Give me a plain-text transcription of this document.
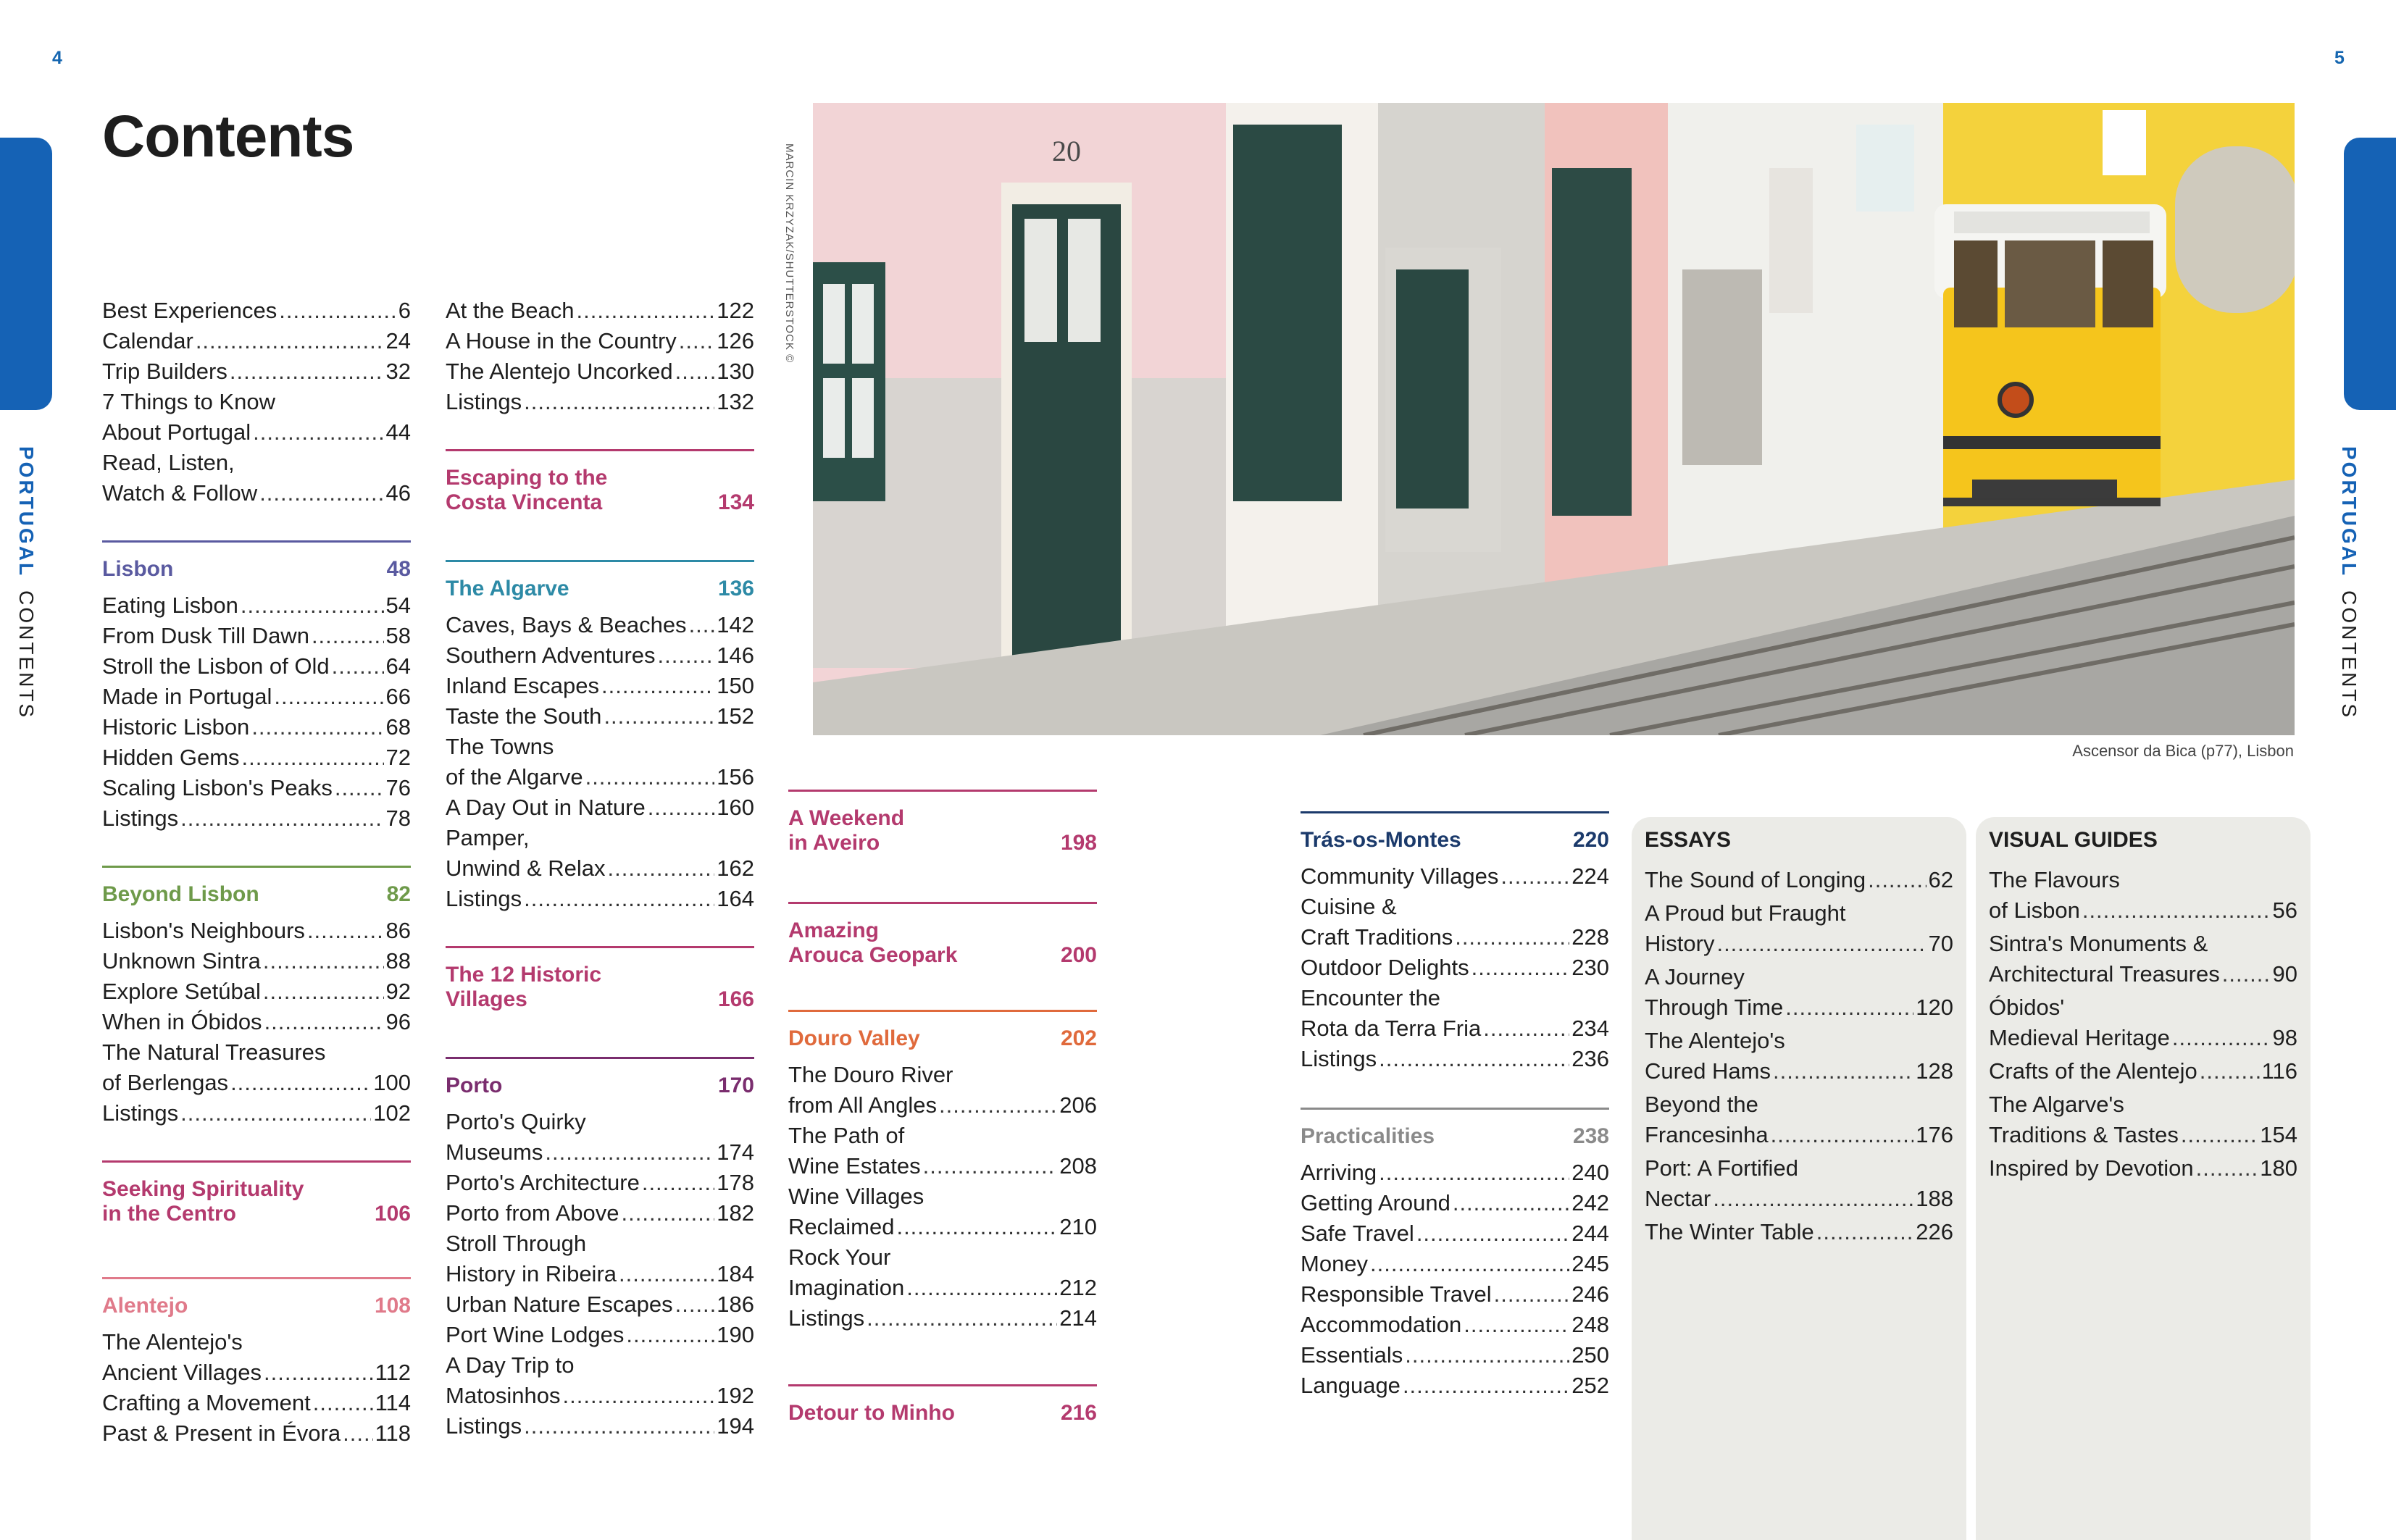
4	5
PORTUGALCONTENTS
PORTUGALCONTENTS
Contents
Best Experiences .....	6
Calendar .....	24
Trip Builders .....	32
7 Things to Know
About Portugal .....	44
Read, Listen,
Watch & Follow .....	46
Lisbon	48
Eating Lisbon .....	54
From Dusk Till Dawn .....	58
Stroll the Lisbon of Old .....	64
Made in Portugal .....	66
Historic Lisbon .....	68
Hidden Gems .....	72
Scaling Lisbon's Peaks ..... 76
Listings .....	78
Beyond Lisbon	82
Lisbon's Neighbours .....	86
Unknown Sintra .....	88
Explore Setúbal .....	92
When in Óbidos .....	96
The Natural Treasures
of Berlengas .....	100
Listings .....	102
Seeking Spirituality
in the Centro	106
Alentejo	108
The Alentejo's
Ancient Villages .....	112
Crafting a Movement .....	114
Past & Present in Évora ..... 118
At the Beach .....	122
A House in the Country ..... 126
The Alentejo Uncorked ..... 130
Listings .....	132
Escaping to the
Costa Vincenta	134
The Algarve	136
Caves, Bays & Beaches ..... 142
Southern Adventures .....	146
Inland Escapes .....	150
Taste the South .....	152
The Towns
of the Algarve .....	156
A Day Out in Nature .....	160
Pamper,
Unwind & Relax .....	162
Listings .....	164
The 12 Historic
Villages	166
Porto	170
Porto's Quirky
Museums .....	174
Porto's Architecture .....	178
Porto from Above .....	182
Stroll Through
History in Ribeira .....	184
Urban Nature Escapes ..... 186
Port Wine Lodges .....	190
A Day Trip to
Matosinhos .....	192
Listings .....	194
A Weekend
in Aveiro	198
Amazing
Arouca Geopark	200
Douro Valley	202
The Douro River
from All Angles .....	206
The Path of
Wine Estates .....	208
Wine Villages
Reclaimed .....	210
Rock Your
Imagination .....	212
Listings .....	214
Detour to Minho	216
Trás-os-Montes	220
Community Villages .....	224
Cuisine &
Craft Traditions .....	228
Outdoor Delights .....	230
Encounter the
Rota da Terra Fria .....	234
Listings .....	236
Practicalities	238
Arriving .....	240
Getting Around .....	242
Safe Travel .....	244
Money .....	245
Responsible Travel .....	246
Accommodation .....	248
Essentials .....	250
Language .....	252
ESSAYS
The Sound of Longing .....	62
A Proud but Fraught
History .....	70
A Journey
Through Time .....	120
The Alentejo's
Cured Hams .....	128
Beyond the
Francesinha .....	176
Port: A Fortified
Nectar .....	188
The Winter Table .....	226
VISUAL GUIDES
The Flavours
of Lisbon .....	56
Sintra's Monuments &
Architectural Treasures ..... 90
Óbidos'
Medieval Heritage .....	98
Crafts of the Alentejo .....	116
The Algarve's
Traditions & Tastes .....	154
Inspired by Devotion .....	180
MARCIN KRZYZAK/SHUTTERSTOCK ©	20
Ascensor da Bica (p77), Lisbon
